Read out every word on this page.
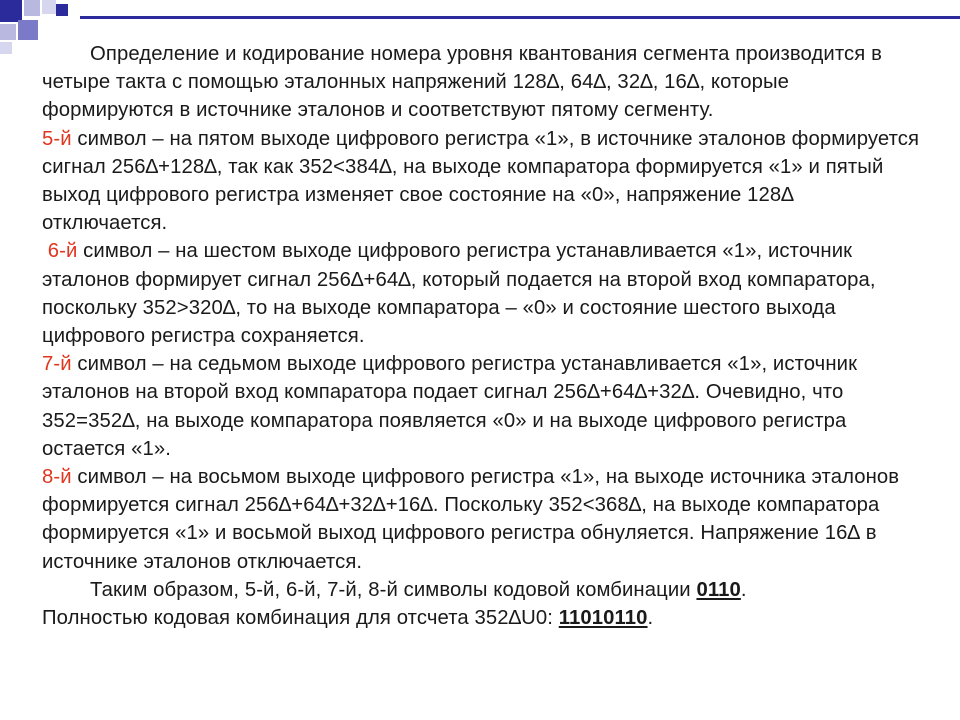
Определение и кодирование номера уровня квантования сегмента производится в четыре такта с помощью эталонных напряжений 128∆, 64∆, 32∆, 16∆, которые формируются в источнике эталонов и соответствуют пятому сегменту.

5-й символ – на пятом выходе цифрового регистра «1», в источнике эталонов формируется сигнал 256∆+128∆, так как 352<384∆, на выходе компаратора формируется «1» и пятый выход цифрового регистра изменяет свое состояние на «0», напряжение 128∆ отключается.

6-й символ – на шестом выходе цифрового регистра устанавливается «1», источник эталонов формирует сигнал 256∆+64∆, который подается на второй вход компаратора, поскольку 352>320∆, то на выходе компаратора – «0» и состояние шестого выхода цифрового регистра сохраняется.

7-й символ – на седьмом выходе цифрового регистра устанавливается «1», источник эталонов на второй вход компаратора подает сигнал 256∆+64∆+32∆. Очевидно, что 352=352∆, на выходе компаратора появляется «0» и на выходе цифрового регистра остается «1».

8-й символ – на восьмом выходе цифрового регистра «1», на выходе источника эталонов формируется сигнал 256∆+64∆+32∆+16∆. Поскольку 352<368∆, на выходе компаратора формируется «1» и восьмой выход цифрового регистра обнуляется. Напряжение 16∆ в источнике эталонов отключается.

Таким образом, 5-й, 6-й, 7-й, 8-й символы кодовой комбинации 0110.

Полностью кодовая комбинация для отсчета 352∆U0: 11010110.
